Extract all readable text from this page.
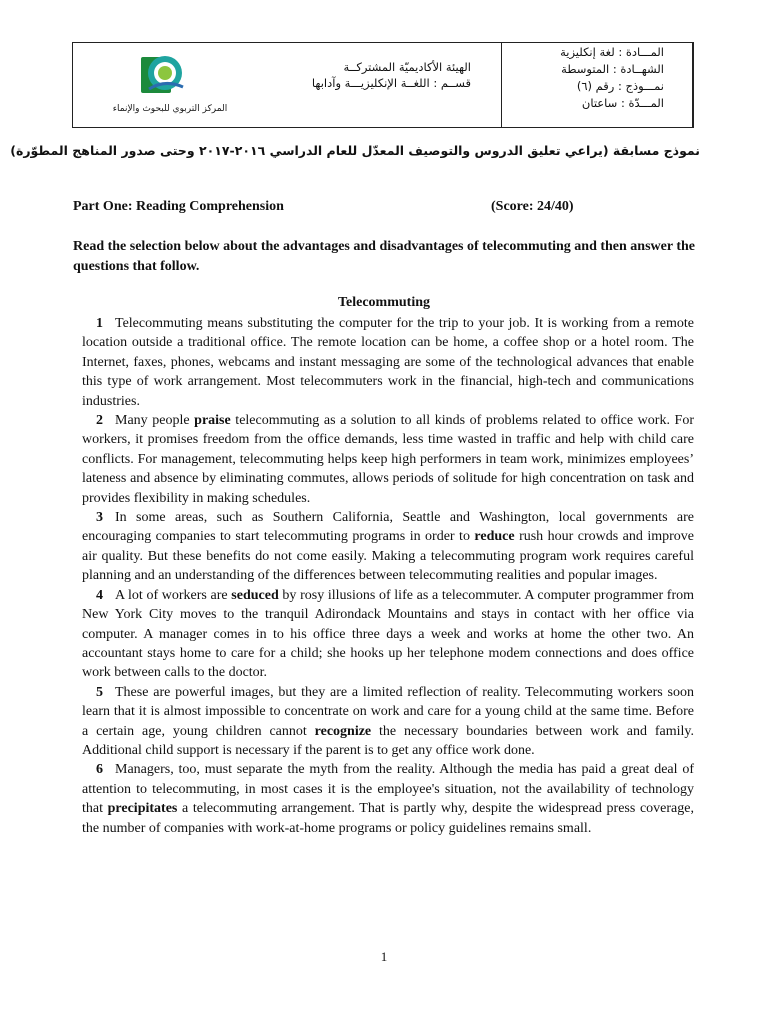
المركز التربوي للبحوث والإنماء
الهيئة الأكاديميّة المشتركــة
قســم : اللغــة الإنكليزيـــة وآدابها
المـــادة : لغة إنكليزية
الشهــادة : المتوسطة
نمـــوذج : رقم (٦)
المـــدّة : ساعتان
نموذج مسابقة (يراعي تعليق الدروس والتوصيف المعدّل للعام الدراسي ٢٠١٦-٢٠١٧ وحتى صدور المناهج المطوّرة)
Part One: Reading Comprehension	(Score: 24/40)
Read the selection below about the advantages and disadvantages of telecommuting and then answer the questions that follow.
Telecommuting

1 Telecommuting means substituting the computer for the trip to your job. It is working from a remote location outside a traditional office. The remote location can be home, a coffee shop or a hotel room. The Internet, faxes, phones, webcams and instant messaging are some of the technological advances that enable this type of work arrangement. Most telecommuters work in the financial, high-tech and communications industries.

2 Many people praise telecommuting as a solution to all kinds of problems related to office work. For workers, it promises freedom from the office demands, less time wasted in traffic and help with child care conflicts. For management, telecommuting helps keep high performers in team work, minimizes employees’ lateness and absence by eliminating commutes, allows periods of solitude for high concentration on task and provides flexibility in making schedules.

3 In some areas, such as Southern California, Seattle and Washington, local governments are encouraging companies to start telecommuting programs in order to reduce rush hour crowds and improve air quality. But these benefits do not come easily. Making a telecommuting program work requires careful planning and an understanding of the differences between telecommuting realities and popular images.

4 A lot of workers are seduced by rosy illusions of life as a telecommuter. A computer programmer from New York City moves to the tranquil Adirondack Mountains and stays in contact with her office via computer. A manager comes in to his office three days a week and works at home the other two. An accountant stays home to care for a child; she hooks up her telephone modem connections and does office work between calls to the doctor.

5 These are powerful images, but they are a limited reflection of reality. Telecommuting workers soon learn that it is almost impossible to concentrate on work and care for a young child at the same time. Before a certain age, young children cannot recognize the necessary boundaries between work and family. Additional child support is necessary if the parent is to get any office work done.

6 Managers, too, must separate the myth from the reality. Although the media has paid a great deal of attention to telecommuting, in most cases it is the employee's situation, not the availability of technology that precipitates a telecommuting arrangement. That is partly why, despite the widespread press coverage, the number of companies with work-at-home programs or policy guidelines remains small.

1
